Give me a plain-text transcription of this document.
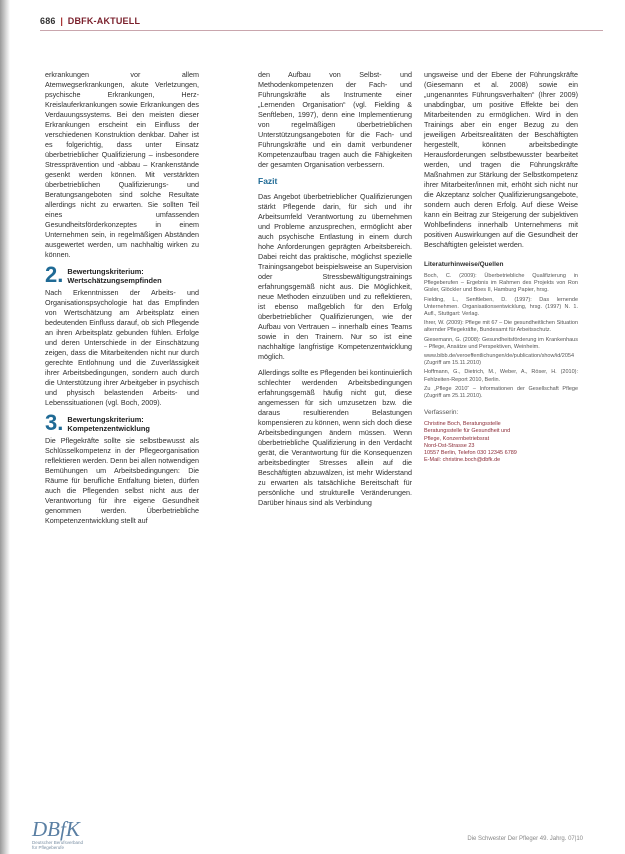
686 | DBFK-AKTUELL

erkrankungen vor allem Atemwegserkrankungen, akute Verletzungen, psychische Erkrankungen, Herz-Kreislauferkrankungen sowie Erkrankungen des Verdauungssystems. Bei den meisten dieser Erkrankungen erscheint ein Einfluss der verschiedenen Konstruktion denkbar. Daher ist es folgerichtig, dass unter Einsatz überbetrieblicher Qualifizierung – insbesondere Stressprävention und -abbau – Krankenstände gesenkt werden können. Mit verstärkten überbetrieblichen Qualifizierungs- und Beratungsangeboten sind solche Resultate allerdings nicht zu erwarten. Sie sollten Teil eines umfassenden Gesundheitsförderkonzeptes in einem Unternehmen sein, in regelmäßigen Abständen ausgewertet werden, um nachhaltig wirken zu können.

2. Bewertungskriterium:
Wertschätzungsempfinden

Nach Erkenntnissen der Arbeits- und Organisationspsychologie hat das Empfinden von Wertschätzung am Arbeitsplatz einen bedeutenden Einfluss darauf, ob sich Pflegende an ihren Arbeitsplatz gebunden fühlen. Erfolge und deren Unterschiede in der Einschätzung zeigen, dass die Mitarbeitenden nicht nur durch gerechte Entlohnung und die Zuverlässigkeit ihrer Arbeitsbedingungen, sondern auch durch die Unterstützung ihrer Arbeitgeber in psychisch und physisch belastenden Arbeits- und Lebenssituationen (vgl. Boch, 2009).

3. Bewertungskriterium:
Kompetenzentwicklung

Die Pflegekräfte sollte sie selbstbewusst als Schlüsselkompetenz in der Pflegeorganisation reflektieren werden. Denn bei allen notwendigen Bemühungen um Arbeitsbedingungen: Die Räume für berufliche Entfaltung bieten, dürfen auch die Pflegenden selbst nicht aus der Verantwortung für ihre eigene Gesundheit genommen werden. Überbetriebliche Kompetenzentwicklung stellt auf

den Aufbau von Selbst- und Methodenkompetenzen der Fach- und Führungskräfte als Instrumente einer „Lernenden Organisation“ (vgl. Fielding & Senftleben, 1997), denn eine Implementierung von regelmäßigen überbetrieblichen Unterstützungsangeboten für die Fach- und Führungskräfte und ein damit verbundener Kompetenzaufbau tragen auch die Fähigkeiten der gesamten Organisation verbessern.

Fazit

Das Angebot überbetrieblicher Qualifizierungen stärkt Pflegende darin, für sich und ihr Arbeitsumfeld Verantwortung zu übernehmen und Probleme anzusprechen, ermöglicht aber auch psychische Entlastung in einem durch hohe Anforderungen geprägten Arbeitsbereich. Dabei reicht das praktische, möglichst spezielle Trainingsangebot beispielsweise an Supervision oder Stressbewältigungstrainings erfahrungsgemäß nicht aus. Die Möglichkeit, neue Methoden einzuüben und zu reflektieren, ist ebenso maßgeblich für den Erfolg überbetrieblicher Qualifizierungen, wie der Aufbau von Vertrauen – innerhalb eines Teams sowie in den Trainern. Nur so ist eine nachhaltige langfristige Kompetenzentwicklung möglich.

Allerdings sollte es Pflegenden bei kontinuierlich schlechter werdenden Arbeitsbedingungen erfahrungsgemäß häufig nicht gut, diese angemessen für sich umzusetzen bzw. die daraus resultierenden Belastungen kompensieren zu können, wenn sich doch diese Arbeitsbedingungen ändern müssen. Wenn überbetriebliche Qualifizierung in den Verdacht gerät, die Verantwortung für die Konsequenzen arbeitsbedingter Stresses allein auf die Beschäftigten abzuwälzen, ist mehr Widerstand zu erwarten als tatsächliche Bereitschaft für persönliche und strukturelle Veränderungen. Darüber hinaus sind als Verbindung

ungsweise und der Ebene der Führungskräfte (Giesemann et al. 2008) sowie ein „ungenanntes Führungsverhalten“ (Ihrer 2009) unabdingbar, um positive Effekte bei den Mitarbeitenden zu ermöglichen. Wird in den Trainings aber ein enger Bezug zu den jeweiligen Arbeitsrealitäten der Beschäftigten hergestellt, können arbeitsbedingte Herausforderungen selbstbewusster bearbeitet werden, und tragen die Führungskräfte Maßnahmen zur Stärkung der Selbstkompetenz ihrer Mitarbeiter/innen mit, erhöht sich nicht nur die Akzeptanz solcher Qualifizierungsangebote, sondern auch deren Erfolg. Auf diese Weise kann ein Beitrag zur Steigerung der subjektiven Wohlbefindens innerhalb Unternehmens mit positiven Auswirkungen auf die Gesundheit der Beschäftigten geleistet werden.

Literaturhinweise/Quellen
Boch, C. (2009): Überbetriebliche Qualifizierung in Pflegeberufen – Ergebnis im Rahmen des Projekts von Ron Gisler, Glöckler und Boes II, Hamburg Papier, hrsg.
Fielding, L., Senftleben, D. (1997): Das lernende Unternehmen. Organisationsentwicklung, hrsg. (1997) N. 1. Aufl., Stuttgart: Verlag.
Ihrer, W. (2009): Pflege mit 67 – Die gesundheitlichen Situation alternder Pflegekräfte, Bundesamt für Arbeitsschutz.
Giesemann, G. (2008): Gesundheitsförderung im Krankenhaus – Pflege, Ansätze und Perspektiven, Weinheim.
www.bibb.de/veroeffentlichungen/de/publication/show/id/2054 (Zugriff am 15.11.2010)
Hoffmann, G., Dietrich, M., Weber, A., Röser, H. (2010): Fehlzeiten-Report 2010, Berlin.
Zu „Pflege 2010“ – Informationen der Gesellschaft Pflege (Zugriff am 25.11.2010).
Verfasserin:
Christine Boch, Beratungsstelle
Beratungsstelle für Gesundheit und
Pflege, Konzernbetriebsrat
Nord-Ost-Strasse 23
10557 Berlin, Telefon 030 12345 6789
E-Mail: christine.boch@dbfk.de
DBfK
Deutscher Berufsverband
für Pflegeberufe
Die Schwester Der Pfleger 49. Jahrg. 07|10
